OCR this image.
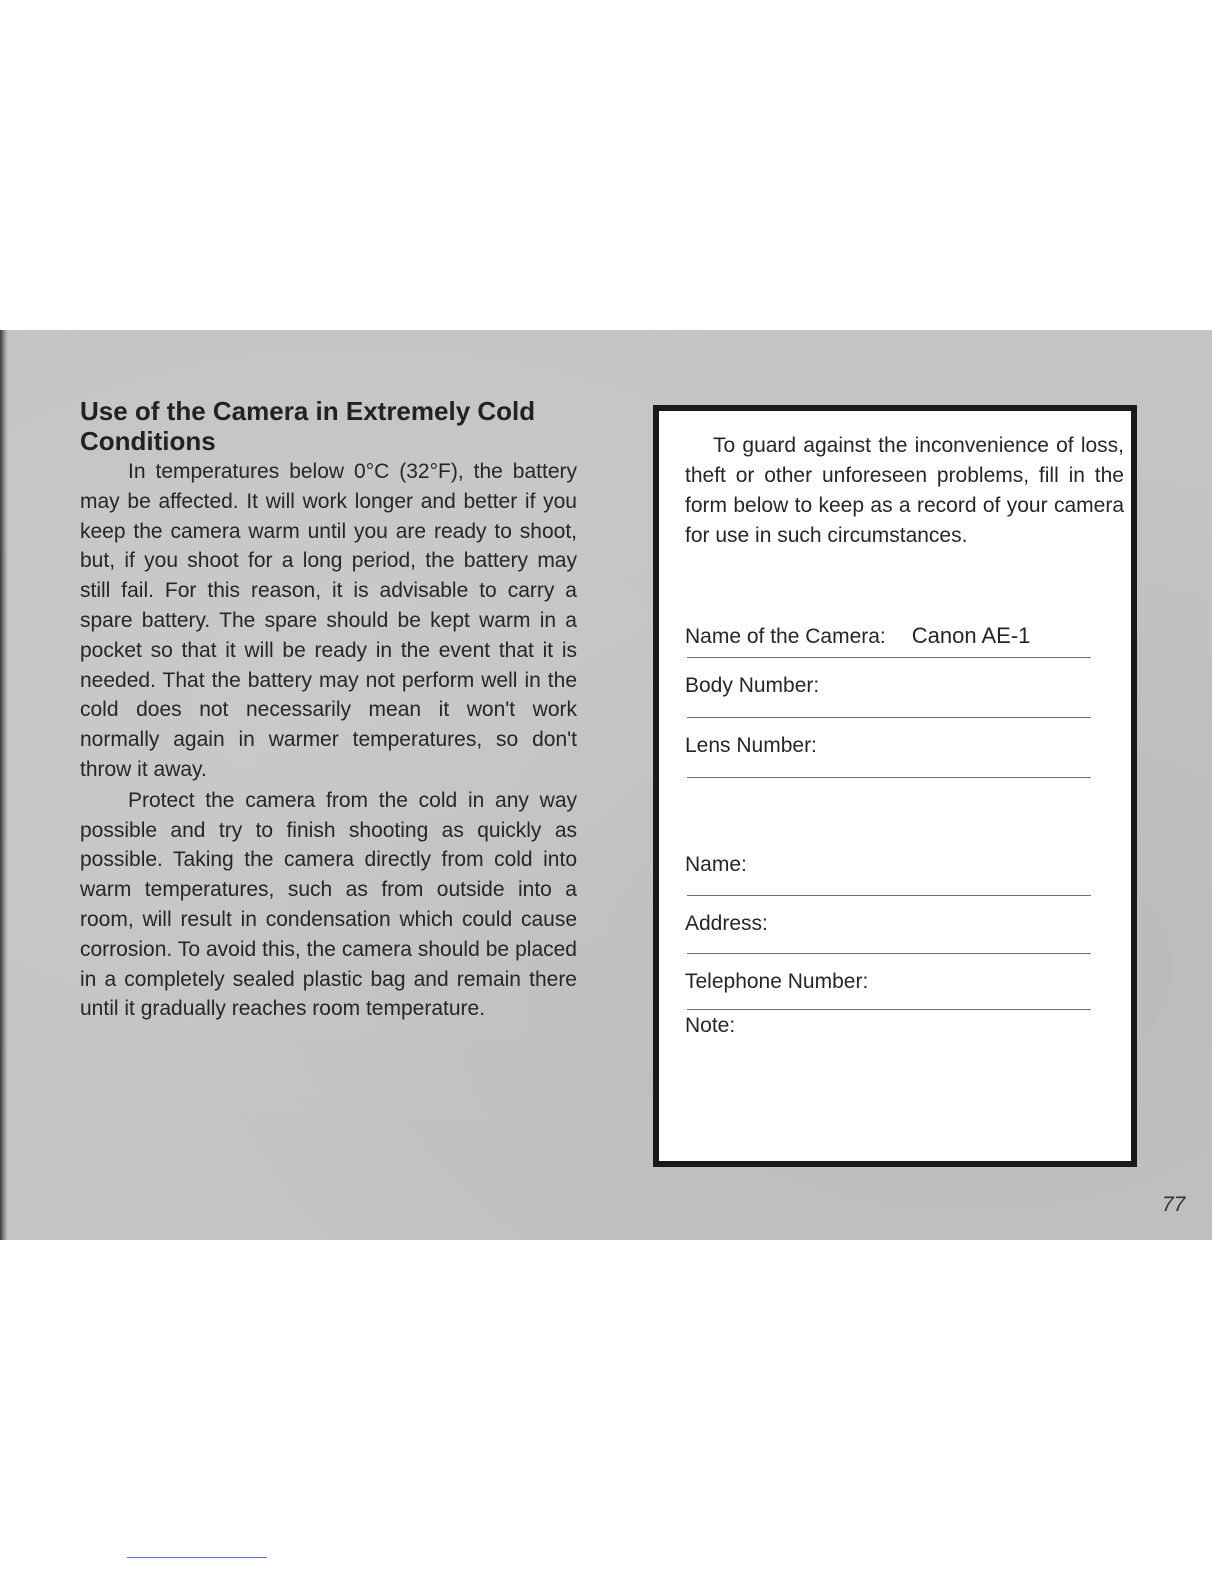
Use of the Camera in Extremely Cold Conditions

In temperatures below 0°C (32°F), the battery may be affected. It will work longer and better if you keep the camera warm until you are ready to shoot, but, if you shoot for a long period, the battery may still fail. For this reason, it is advisable to carry a spare battery. The spare should be kept warm in a pocket so that it will be ready in the event that it is needed. That the battery may not perform well in the cold does not necessarily mean it won't work normally again in warmer temperatures, so don't throw it away.

Protect the camera from the cold in any way possible and try to finish shooting as quickly as possible. Taking the camera directly from cold into warm temperatures, such as from outside into a room, will result in condensation which could cause corrosion. To avoid this, the camera should be placed in a completely sealed plastic bag and remain there until it gradually reaches room temperature.

To guard against the inconvenience of loss, theft or other unforeseen problems, fill in the form below to keep as a record of your camera for use in such circumstances.

Name of the Camera: Canon AE-1
Body Number:
Lens Number:
Name:
Address:
Telephone Number:
Note:
77
